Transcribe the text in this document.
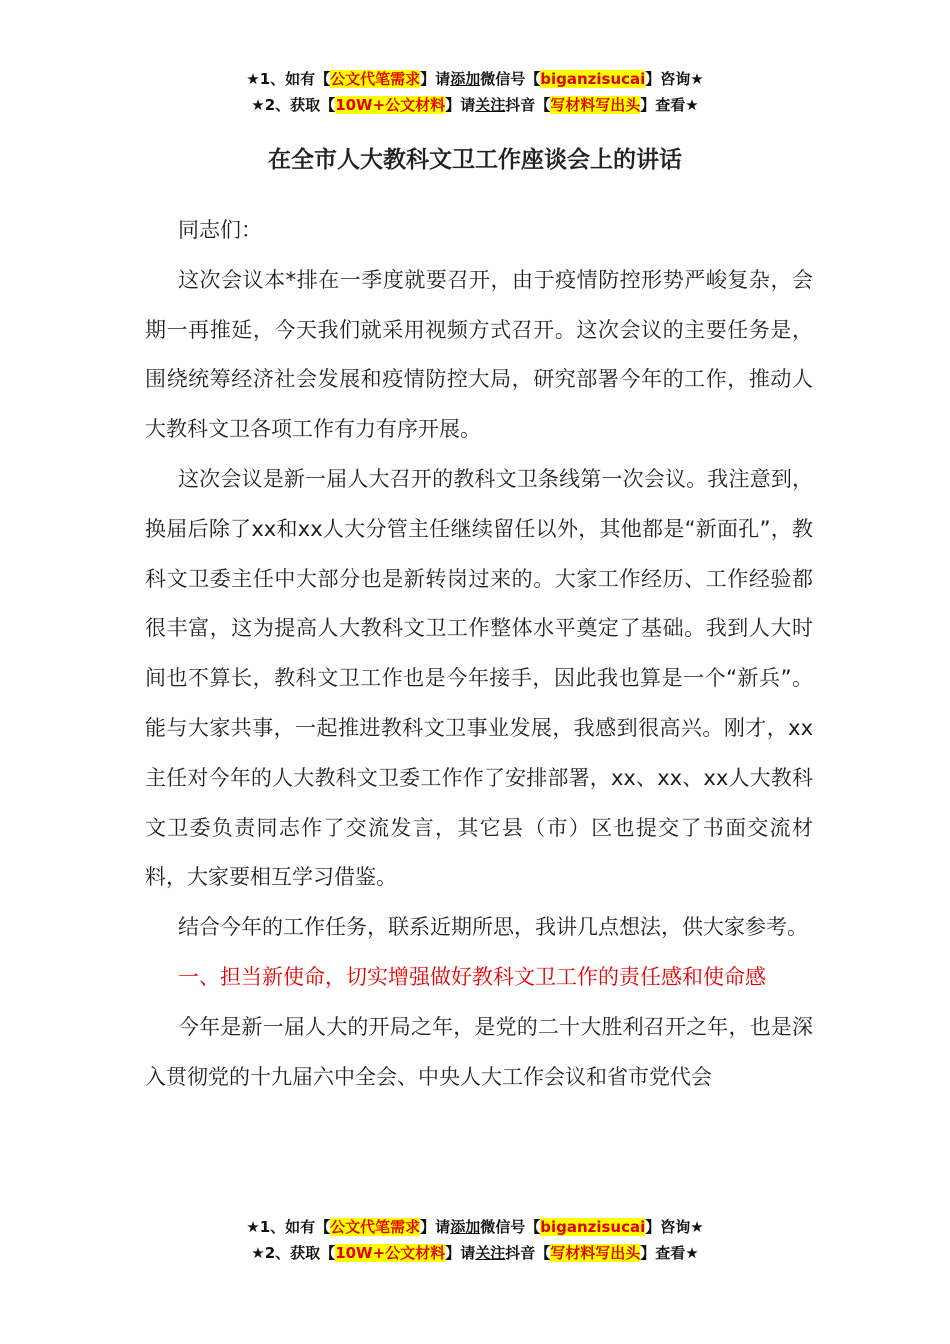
★1、如有【公文代笔需求】请添加微信号【biganzisucai】咨询★
★2、获取【10W+公文材料】请关注抖音【写材料写出头】查看★
在全市人大教科文卫工作座谈会上的讲话

同志们：

这次会议本*排在一季度就要召开，由于疫情防控形势严峻复杂，会期一再推延，今天我们就采用视频方式召开。这次会议的主要任务是，围绕统筹经济社会发展和疫情防控大局，研究部署今年的工作，推动人大教科文卫各项工作有力有序开展。

这次会议是新一届人大召开的教科文卫条线第一次会议。我注意到，换届后除了xx和xx人大分管主任继续留任以外，其他都是“新面孔”，教科文卫委主任中大部分也是新转岗过来的。大家工作经历、工作经验都很丰富，这为提高人大教科文卫工作整体水平奠定了基础。我到人大时间也不算长，教科文卫工作也是今年接手，因此我也算是一个“新兵”。能与大家共事，一起推进教科文卫事业发展，我感到很高兴。刚才，xx主任对今年的人大教科文卫委工作作了安排部署，xx、xx、xx人大教科文卫委负责同志作了交流发言，其它县（市）区也提交了书面交流材料，大家要相互学习借鉴。

结合今年的工作任务，联系近期所思，我讲几点想法，供大家参考。

一、担当新使命，切实增强做好教科文卫工作的责任感和使命感

今年是新一届人大的开局之年，是党的二十大胜利召开之年，也是深入贯彻党的十九届六中全会、中央人大工作会议和省市党代会

★1、如有【公文代笔需求】请添加微信号【biganzisucai】咨询★
★2、获取【10W+公文材料】请关注抖音【写材料写出头】查看★
